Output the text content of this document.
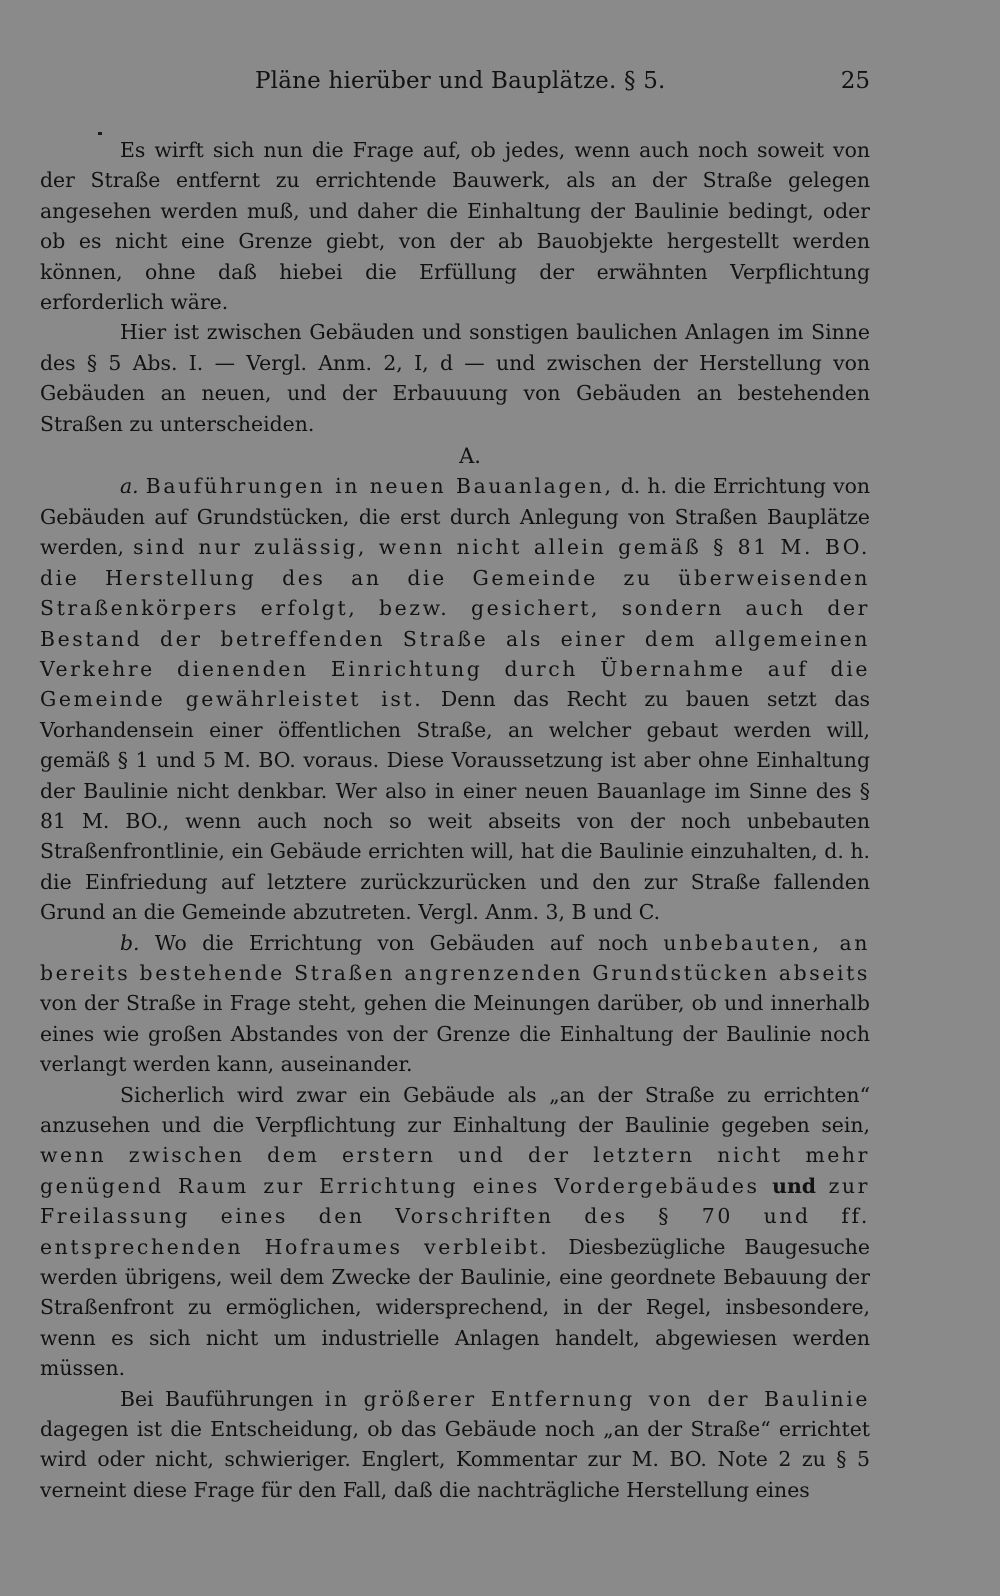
Pläne hierüber und Bauplätze. § 5.	25

Es wirft sich nun die Frage auf, ob jedes, wenn auch noch soweit von der Straße entfernt zu errichtende Bauwerk, als an der Straße gelegen angesehen werden muß, und daher die Einhaltung der Baulinie bedingt, oder ob es nicht eine Grenze giebt, von der ab Bauobjekte hergestellt werden können, ohne daß hiebei die Erfüllung der erwähnten Verpflichtung erforderlich wäre.

Hier ist zwischen Gebäuden und sonstigen baulichen Anlagen im Sinne des § 5 Abs. I. — Vergl. Anm. 2, I, d — und zwischen der Herstellung von Gebäuden an neuen, und der Erbauuung von Gebäuden an bestehenden Straßen zu unterscheiden.

A.

a. Bauführungen in neuen Bauanlagen, d. h. die Errichtung von Gebäuden auf Grundstücken, die erst durch Anlegung von Straßen Bauplätze werden, sind nur zulässig, wenn nicht allein gemäß § 81 M. BO. die Herstellung des an die Gemeinde zu überweisenden Straßenkörpers erfolgt, bezw. gesichert, sondern auch der Bestand der betreffenden Straße als einer dem allgemeinen Verkehre dienenden Einrichtung durch Übernahme auf die Gemeinde gewährleistet ist. Denn das Recht zu bauen setzt das Vorhandensein einer öffentlichen Straße, an welcher gebaut werden will, gemäß § 1 und 5 M. BO. voraus. Diese Voraussetzung ist aber ohne Einhaltung der Baulinie nicht denkbar. Wer also in einer neuen Bauanlage im Sinne des § 81 M. BO., wenn auch noch so weit abseits von der noch unbebauten Straßenfrontlinie, ein Gebäude errichten will, hat die Baulinie einzuhalten, d. h. die Einfriedung auf letztere zurückzurücken und den zur Straße fallenden Grund an die Gemeinde abzutreten. Vergl. Anm. 3, B und C.

b. Wo die Errichtung von Gebäuden auf noch unbebauten, an bereits bestehende Straßen angrenzenden Grundstücken abseits von der Straße in Frage steht, gehen die Meinungen darüber, ob und innerhalb eines wie großen Abstandes von der Grenze die Einhaltung der Baulinie noch verlangt werden kann, auseinander.

Sicherlich wird zwar ein Gebäude als „an der Straße zu errichten“ anzusehen und die Verpflichtung zur Einhaltung der Baulinie gegeben sein, wenn zwischen dem erstern und der letztern nicht mehr genügend Raum zur Errichtung eines Vordergebäudes und zur Freilassung eines den Vorschriften des § 70 und ff. entsprechenden Hofraumes verbleibt. Diesbezügliche Baugesuche werden übrigens, weil dem Zwecke der Baulinie, eine geordnete Bebauung der Straßenfront zu ermöglichen, widersprechend, in der Regel, insbesondere, wenn es sich nicht um industrielle Anlagen handelt, abgewiesen werden müssen.

Bei Bauführungen in größerer Entfernung von der Baulinie dagegen ist die Entscheidung, ob das Gebäude noch „an der Straße“ errichtet wird oder nicht, schwieriger. Englert, Kommentar zur M. BO. Note 2 zu § 5 verneint diese Frage für den Fall, daß die nachträgliche Herstellung eines
